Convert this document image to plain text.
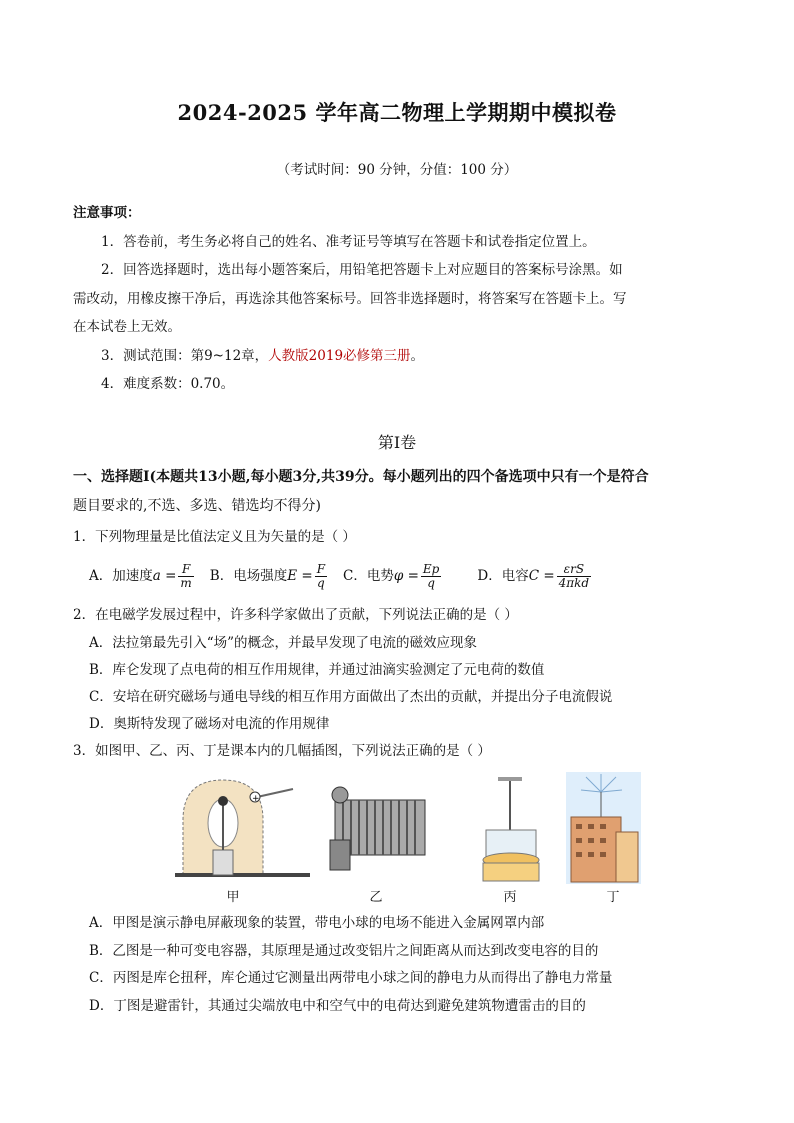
2024-2025 学年高二物理上学期期中模拟卷
（考试时间：90 分钟，分值：100 分）
注意事项：
1．答卷前，考生务必将自己的姓名、准考证号等填写在答题卡和试卷指定位置上。
2．回答选择题时，选出每小题答案后，用铅笔把答题卡上对应题目的答案标号涂黑。如
需改动，用橡皮擦干净后，再选涂其他答案标号。回答非选择题时，将答案写在答题卡上。写
在本试卷上无效。
3．测试范围：第9~12章，人教版2019必修第三册。
4．难度系数：0.70。
第Ⅰ卷
一、选择题Ⅰ(本题共13小题,每小题3分,共39分。每小题列出的四个备选项中只有一个是符合
题目要求的,不选、多选、错选均不得分)
1．下列物理量是比值法定义且为矢量的是（ ）
A．加速度$a = \frac{F}{m}$ B．电场强度$E = \frac{F}{q}$ C．电势$\varphi = \frac{Ep}{q}$	D．电容$C = \frac{\text{εrS}}{\text{4πkd}}$
2．在电磁学发展过程中，许多科学家做出了贡献，下列说法正确的是（ ）
A．法拉第最先引入“场”的概念，并最早发现了电流的磁效应现象
B．库仑发现了点电荷的相互作用规律，并通过油滴实验测定了元电荷的数值
C．安培在研究磁场与通电导线的相互作用方面做出了杰出的贡献，并提出分子电流假说
D．奥斯特发现了磁场对电流的作用规律
3．如图甲、乙、丙、丁是课本内的几幅插图，下列说法正确的是（ ）
+
甲	乙	丙	丁
A．甲图是演示静电屏蔽现象的装置，带电小球的电场不能进入金属网罩内部
B．乙图是一种可变电容器，其原理是通过改变铝片之间距离从而达到改变电容的目的
C．丙图是库仑扭秤，库仑通过它测量出两带电小球之间的静电力从而得出了静电力常量
D．丁图是避雷针，其通过尖端放电中和空气中的电荷达到避免建筑物遭雷击的目的
